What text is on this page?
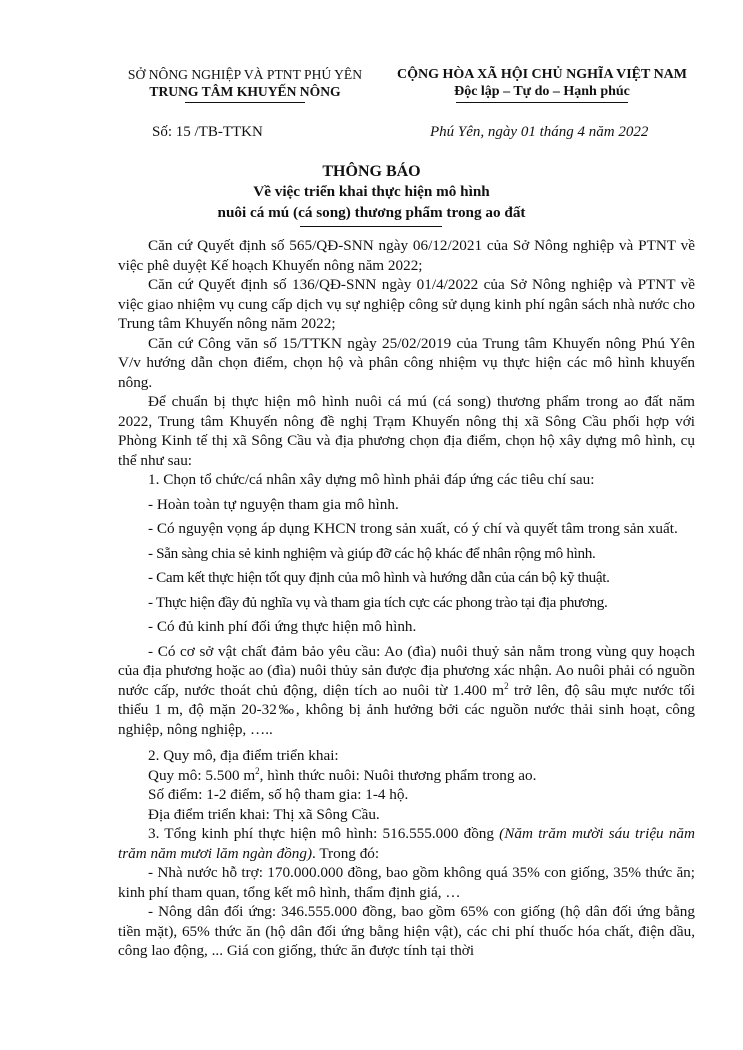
SỞ NÔNG NGHIỆP VÀ PTNT PHÚ YÊN
TRUNG TÂM KHUYẾN NÔNG
CỘNG HÒA XÃ HỘI CHỦ NGHĨA VIỆT NAM
Độc lập – Tự do – Hạnh phúc
Số: 15 /TB-TTKN	Phú Yên, ngày 01 tháng 4 năm 2022
THÔNG BÁO
Về việc triển khai thực hiện mô hình
nuôi cá mú (cá song) thương phẩm trong ao đất

Căn cứ Quyết định số 565/QĐ-SNN ngày 06/12/2021 của Sở Nông nghiệp và PTNT về việc phê duyệt Kế hoạch Khuyến nông năm 2022;

Căn cứ Quyết định số 136/QĐ-SNN ngày 01/4/2022 của Sở Nông nghiệp và PTNT về việc giao nhiệm vụ cung cấp dịch vụ sự nghiệp công sử dụng kinh phí ngân sách nhà nước cho Trung tâm Khuyến nông năm 2022;

Căn cứ Công văn số 15/TTKN ngày 25/02/2019 của Trung tâm Khuyến nông Phú Yên V/v hướng dẫn chọn điểm, chọn hộ và phân công nhiệm vụ thực hiện các mô hình khuyến nông.

Để chuẩn bị thực hiện mô hình nuôi cá mú (cá song) thương phẩm trong ao đất năm 2022, Trung tâm Khuyến nông đề nghị Trạm Khuyến nông thị xã Sông Cầu phối hợp với Phòng Kinh tế thị xã Sông Cầu và địa phương chọn địa điểm, chọn hộ xây dựng mô hình, cụ thể như sau:

1. Chọn tổ chức/cá nhân xây dựng mô hình phải đáp ứng các tiêu chí sau:

- Hoàn toàn tự nguyện tham gia mô hình.

- Có nguyện vọng áp dụng KHCN trong sản xuất, có ý chí và quyết tâm trong sản xuất.

- Sẵn sàng chia sẻ kinh nghiệm và giúp đỡ các hộ khác để nhân rộng mô hình.

- Cam kết thực hiện tốt quy định của mô hình và hướng dẫn của cán bộ kỹ thuật.

- Thực hiện đầy đủ nghĩa vụ và tham gia tích cực các phong trào tại địa phương.

- Có đủ kinh phí đối ứng thực hiện mô hình.

- Có cơ sở vật chất đảm bảo yêu cầu: Ao (đìa) nuôi thuỷ sản nằm trong vùng quy hoạch của địa phương hoặc ao (đìa) nuôi thủy sản được địa phương xác nhận. Ao nuôi phải có nguồn nước cấp, nước thoát chủ động, diện tích ao nuôi từ 1.400 $m^2$ trở lên, độ sâu mực nước tối thiểu 1 m, độ mặn 20-32‰, không bị ảnh hưởng bởi các nguồn nước thải sinh hoạt, công nghiệp, nông nghiệp, …..

2. Quy mô, địa điểm triển khai:

Quy mô: 5.500 $m^2$, hình thức nuôi: Nuôi thương phẩm trong ao.

Số điểm: 1-2 điểm, số hộ tham gia: 1-4 hộ.

Địa điểm triển khai: Thị xã Sông Cầu.

3. Tổng kinh phí thực hiện mô hình: 516.555.000 đồng (Năm trăm mười sáu triệu năm trăm năm mươi lăm ngàn đồng). Trong đó:

- Nhà nước hỗ trợ: 170.000.000 đồng, bao gồm không quá 35% con giống, 35% thức ăn; kinh phí tham quan, tổng kết mô hình, thẩm định giá, …

- Nông dân đối ứng: 346.555.000 đồng, bao gồm 65% con giống (hộ dân đối ứng bằng tiền mặt), 65% thức ăn (hộ dân đối ứng bằng hiện vật), các chi phí thuốc hóa chất, điện dầu, công lao động, ... Giá con giống, thức ăn được tính tại thời
